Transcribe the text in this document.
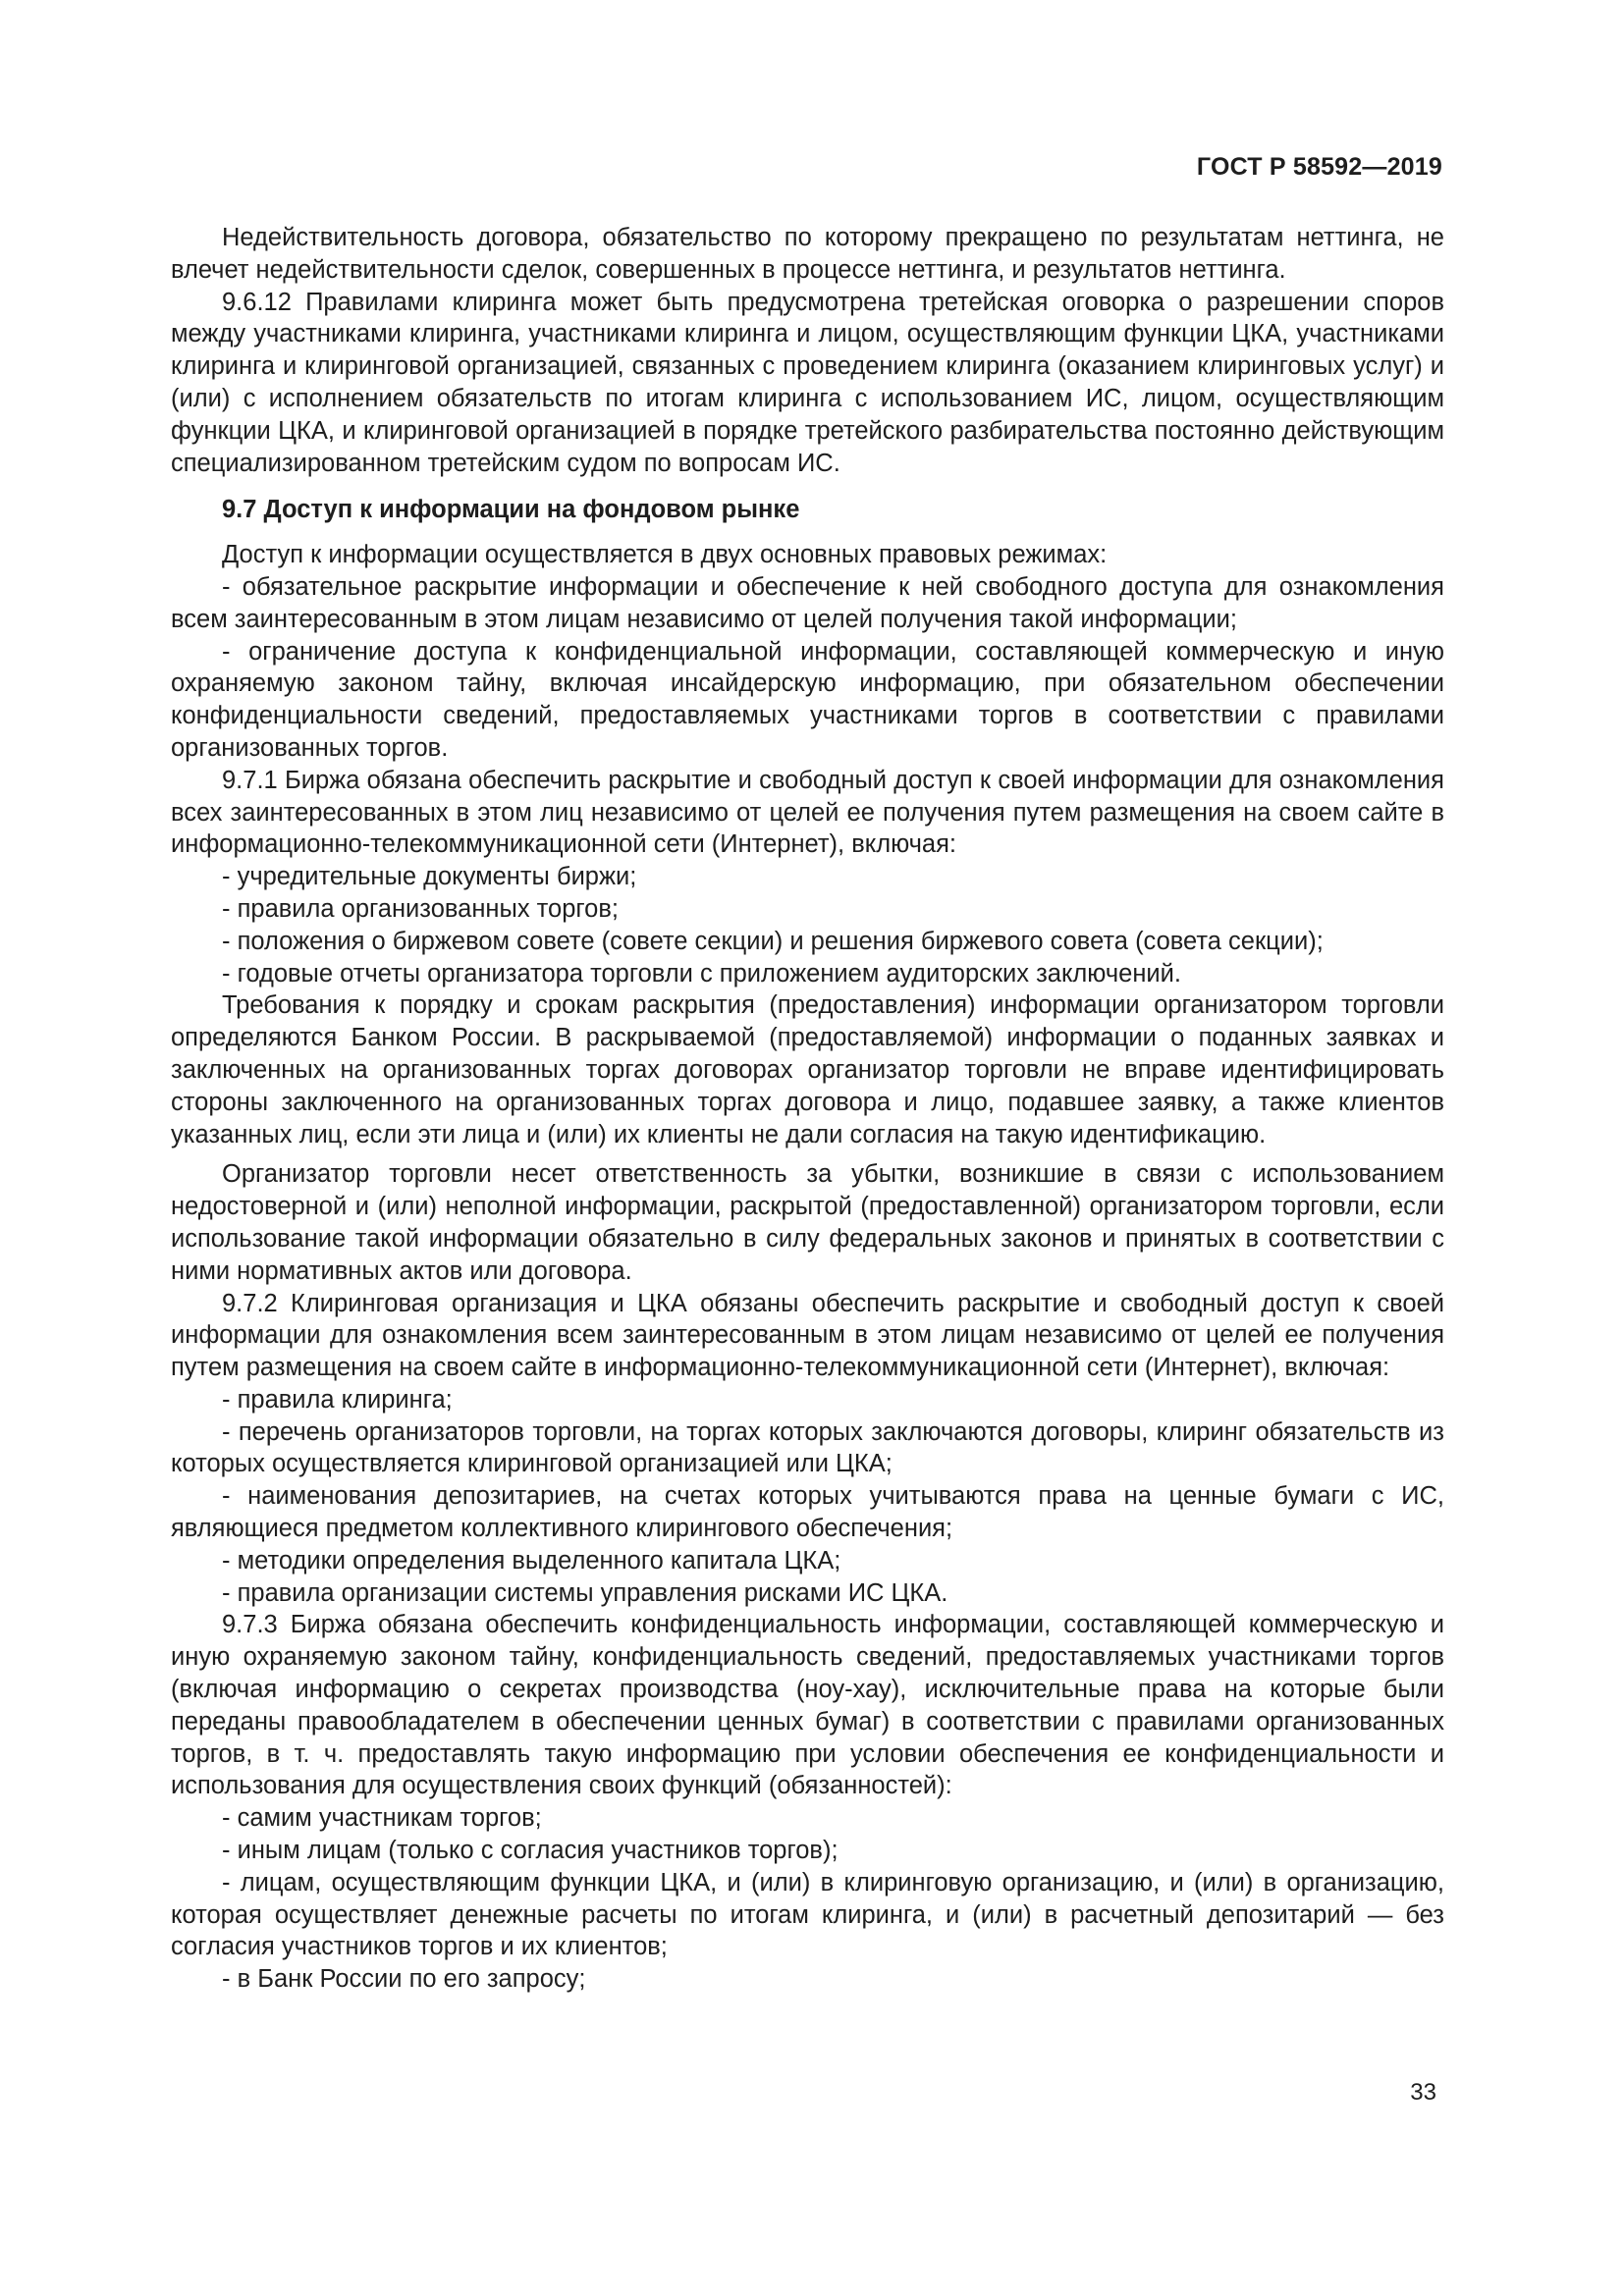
ГОСТ Р 58592—2019

Недействительность договора, обязательство по которому прекращено по результатам неттинга, не влечет недействительности сделок, совершенных в процессе неттинга, и результатов неттинга.

9.6.12 Правилами клиринга может быть предусмотрена третейская оговорка о разрешении споров между участниками клиринга, участниками клиринга и лицом, осуществляющим функции ЦКА, участниками клиринга и клиринговой организацией, связанных с проведением клиринга (оказанием клиринговых услуг) и (или) с исполнением обязательств по итогам клиринга с использованием ИС, лицом, осуществляющим функции ЦКА, и клиринговой организацией в порядке третейского разбирательства постоянно действующим специализированном третейским судом по вопросам ИС.

9.7 Доступ к информации на фондовом рынке

Доступ к информации осуществляется в двух основных правовых режимах:

- обязательное раскрытие информации и обеспечение к ней свободного доступа для ознакомления всем заинтересованным в этом лицам независимо от целей получения такой информации;

- ограничение доступа к конфиденциальной информации, составляющей коммерческую и иную охраняемую законом тайну, включая инсайдерскую информацию, при обязательном обеспечении конфиденциальности сведений, предоставляемых участниками торгов в соответствии с правилами организованных торгов.

9.7.1 Биржа обязана обеспечить раскрытие и свободный доступ к своей информации для ознакомления всех заинтересованных в этом лиц независимо от целей ее получения путем размещения на своем сайте в информационно-телекоммуникационной сети (Интернет), включая:

- учредительные документы биржи;

- правила организованных торгов;

- положения о биржевом совете (совете секции) и решения биржевого совета (совета секции);

- годовые отчеты организатора торговли с приложением аудиторских заключений.

Требования к порядку и срокам раскрытия (предоставления) информации организатором торговли определяются Банком России. В раскрываемой (предоставляемой) информации о поданных заявках и заключенных на организованных торгах договорах организатор торговли не вправе идентифицировать стороны заключенного на организованных торгах договора и лицо, подавшее заявку, а также клиентов указанных лиц, если эти лица и (или) их клиенты не дали согласия на такую идентификацию.

Организатор торговли несет ответственность за убытки, возникшие в связи с использованием недостоверной и (или) неполной информации, раскрытой (предоставленной) организатором торговли, если использование такой информации обязательно в силу федеральных законов и принятых в соответствии с ними нормативных актов или договора.

9.7.2 Клиринговая организация и ЦКА обязаны обеспечить раскрытие и свободный доступ к своей информации для ознакомления всем заинтересованным в этом лицам независимо от целей ее получения путем размещения на своем сайте в информационно-телекоммуникационной сети (Интернет), включая:

- правила клиринга;

- перечень организаторов торговли, на торгах которых заключаются договоры, клиринг обязательств из которых осуществляется клиринговой организацией или ЦКА;

- наименования депозитариев, на счетах которых учитываются права на ценные бумаги с ИС, являющиеся предметом коллективного клирингового обеспечения;

- методики определения выделенного капитала ЦКА;

- правила организации системы управления рисками ИС ЦКА.

9.7.3 Биржа обязана обеспечить конфиденциальность информации, составляющей коммерческую и иную охраняемую законом тайну, конфиденциальность сведений, предоставляемых участниками торгов (включая информацию о секретах производства (ноу-хау), исключительные права на которые были переданы правообладателем в обеспечении ценных бумаг) в соответствии с правилами организованных торгов, в т. ч. предоставлять такую информацию при условии обеспечения ее конфиденциальности и использования для осуществления своих функций (обязанностей):

- самим участникам торгов;

- иным лицам (только с согласия участников торгов);

- лицам, осуществляющим функции ЦКА, и (или) в клиринговую организацию, и (или) в организацию, которая осуществляет денежные расчеты по итогам клиринга, и (или) в расчетный депозитарий — без согласия участников торгов и их клиентов;

- в Банк России по его запросу;

33
